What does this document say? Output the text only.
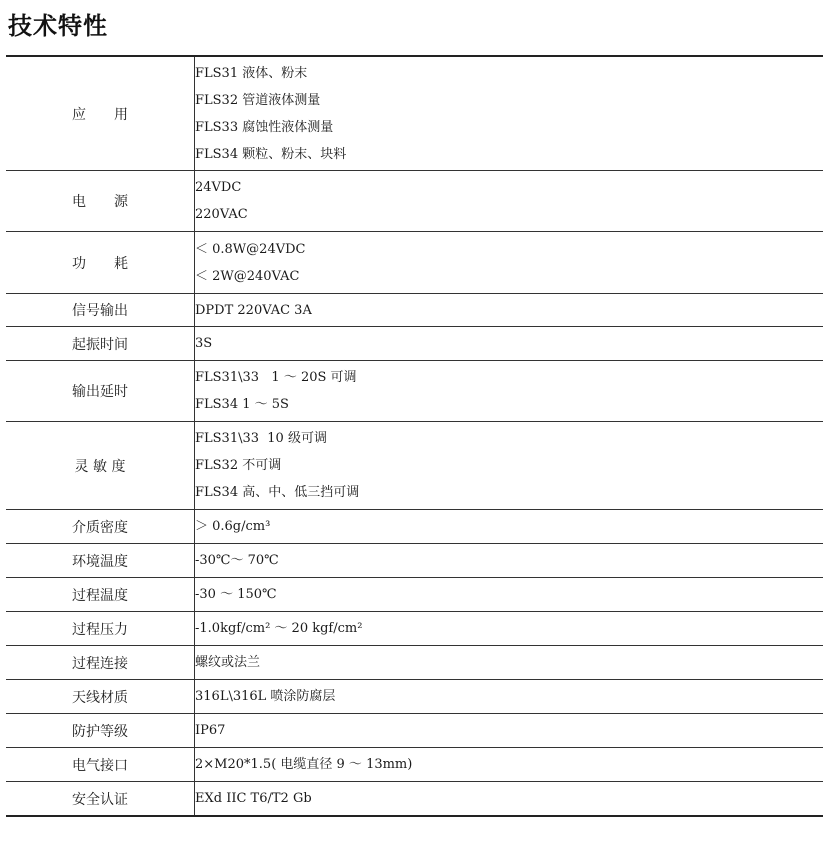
技术特性
应　　用	FLS31 液体、粉末
FLS32 管道液体测量
FLS33 腐蚀性液体测量
FLS34 颗粒、粉末、块料

电　　源	24VDC
220VAC

功　　耗	＜ 0.8W@24VDC
＜ 2W@240VAC

信号输出	DPDT 220VAC 3A

起振时间	3S

输出延时	FLS31\33   1 ～ 20S 可调
FLS34 1 ～ 5S

灵 敏 度	FLS31\33  10 级可调
FLS32 不可调
FLS34 高、中、低三挡可调

介质密度	＞ 0.6g/cm³

环境温度	-30℃～ 70℃

过程温度	-30 ～ 150℃

过程压力	-1.0kgf/cm² ～ 20 kgf/cm²

过程连接	螺纹或法兰

天线材质	316L\316L 喷涂防腐层

防护等级	IP67

电气接口	2×M20*1.5( 电缆直径 9 ～ 13mm)

安全认证	EXd IIC T6/T2 Gb
